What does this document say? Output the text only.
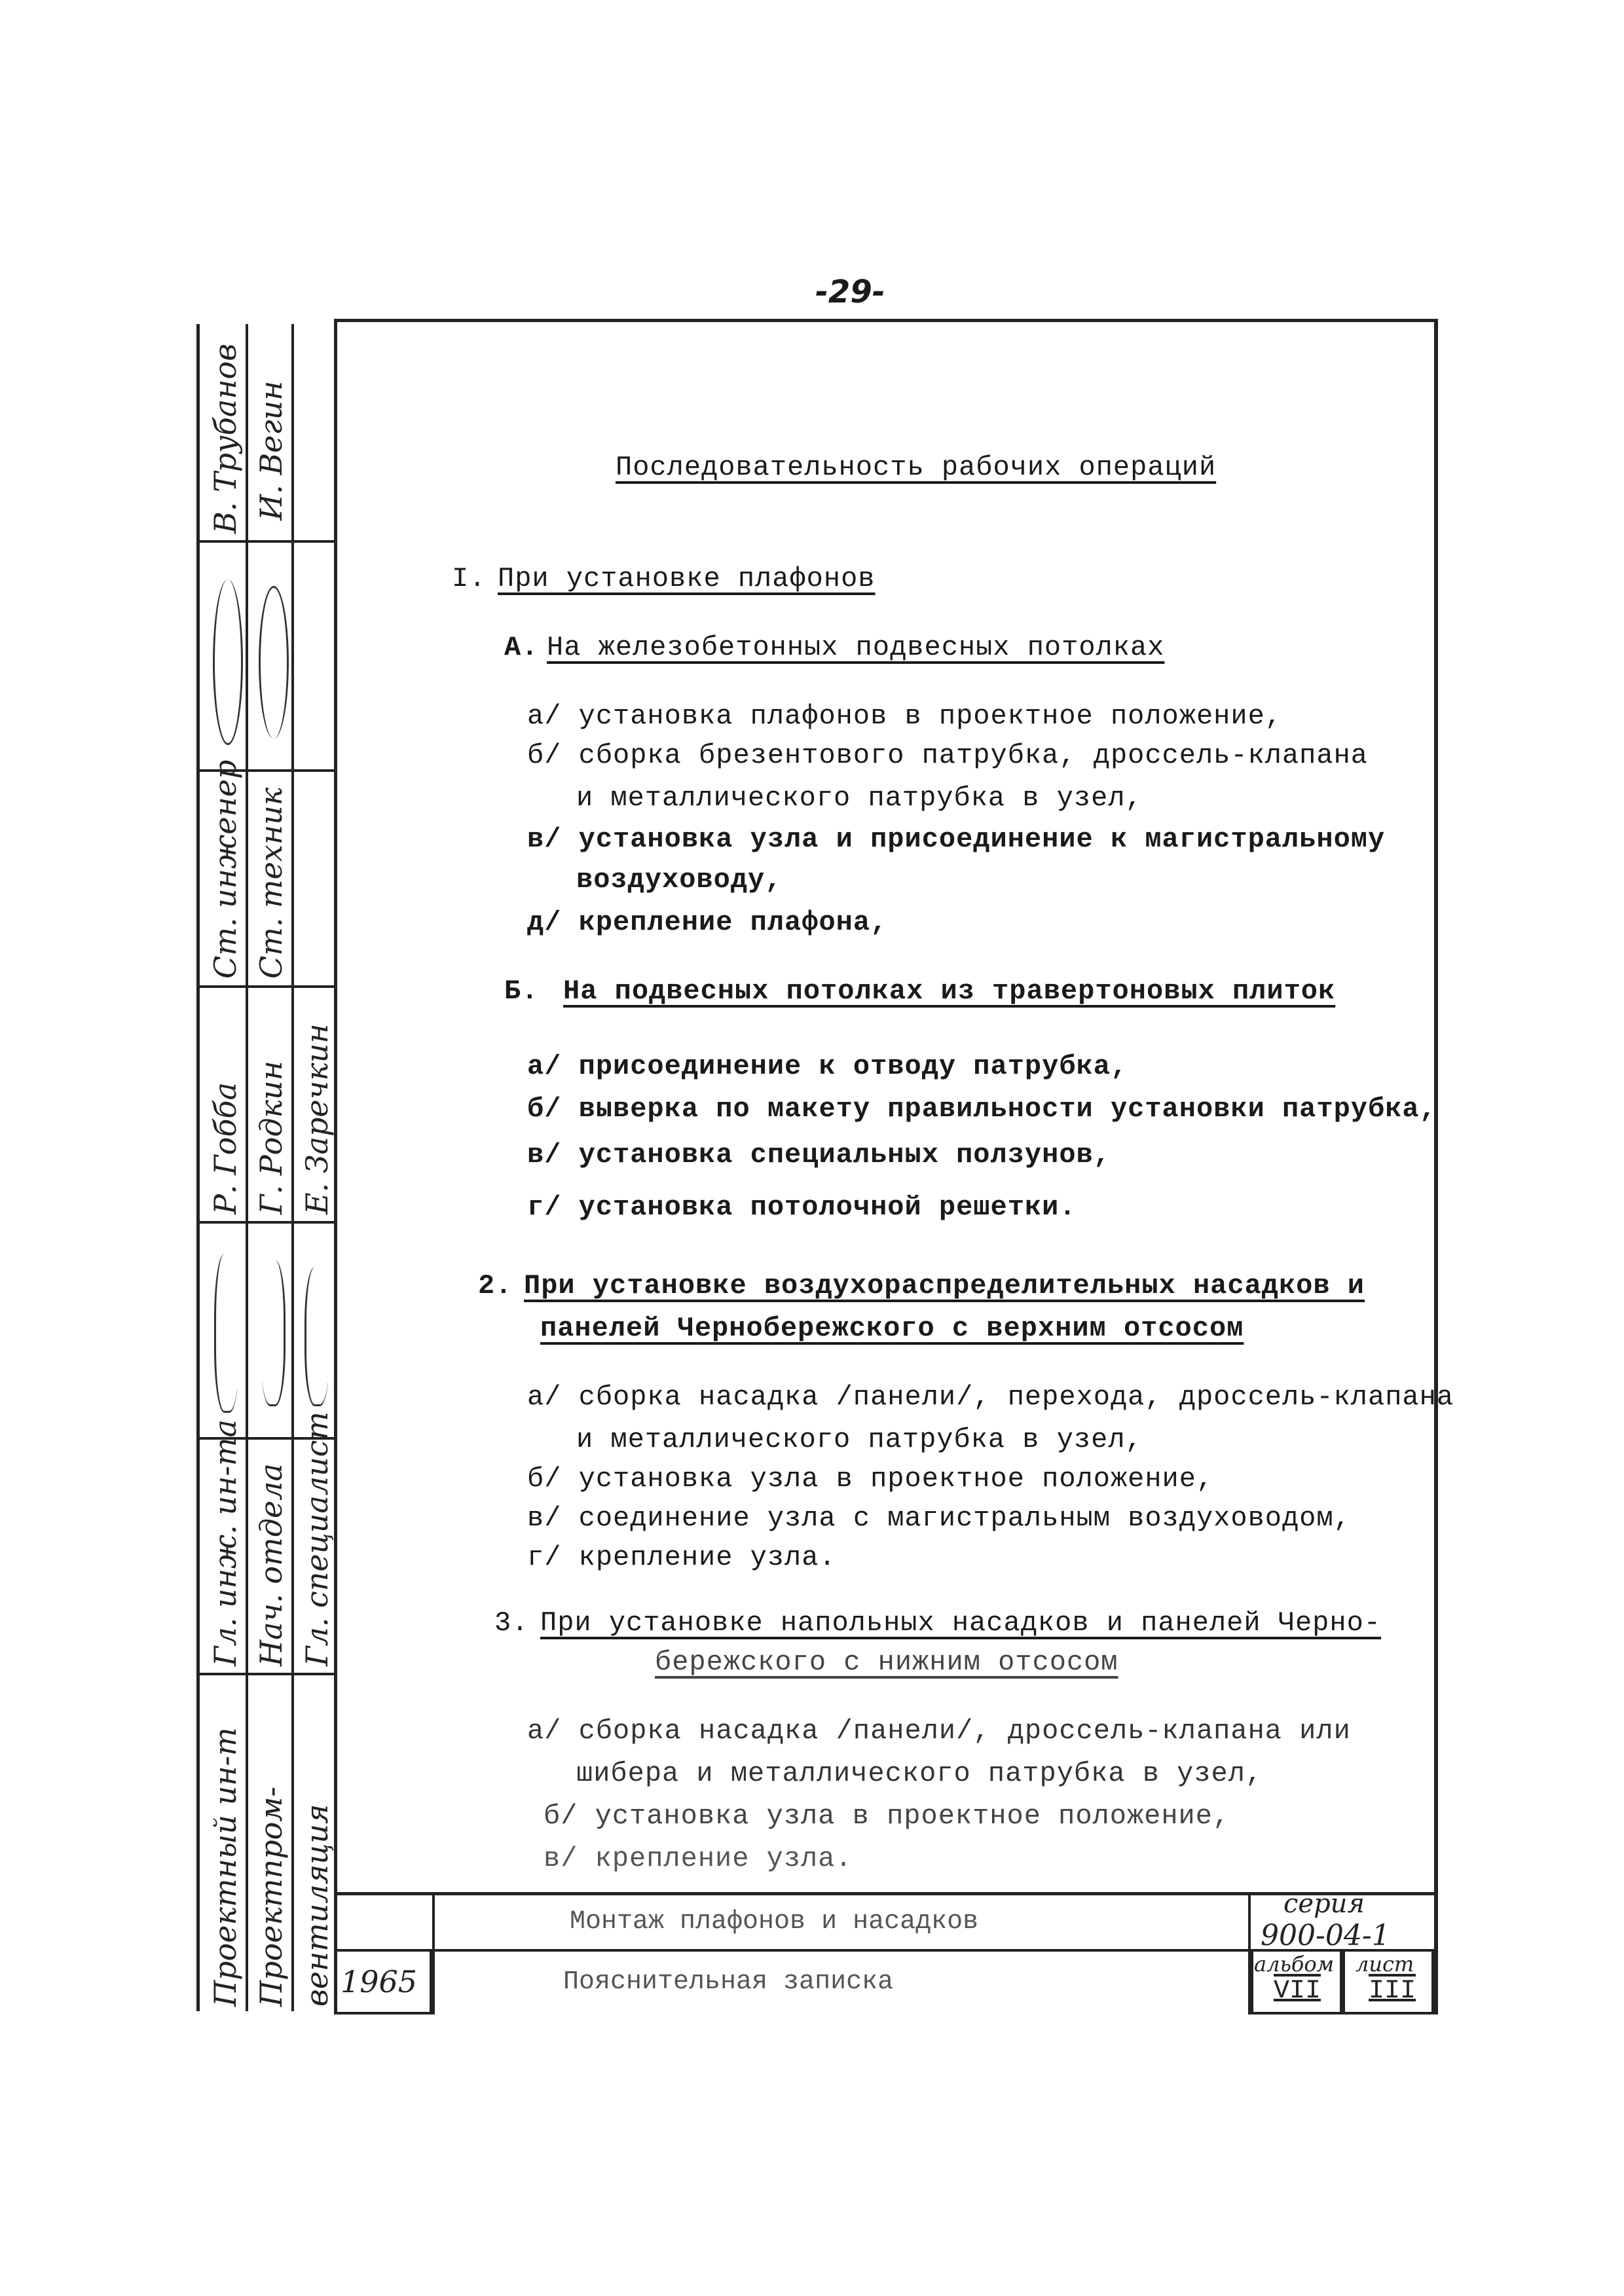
-29-
В. Трубанов И. Вегин
Ст. инженер Ст. техник
Р. Гобба Г. Родкин Е. Заречкин
Гл. инж. ин-та Нач. отдела Гл. специалист
Проектный ин-т Проектпром- вентиляция
Последовательность рабочих операций
I. При установке плафонов
А. На железобетонных подвесных потолках
а/ установка плафонов в проектное положение,
б/ сборка брезентового патрубка, дроссель-клапана
и металлического патрубка в узел,
в/ установка узла и присоединение к магистральному
воздуховоду,
д/ крепление плафона,
Б. На подвесных потолках из травертоновых плиток
а/ присоединение к отводу патрубка,
б/ выверка по макету правильности установки патрубка,
в/ установка специальных ползунов,
г/ установка потолочной решетки.
2. При установке воздухораспределительных насадков и
панелей Чернобережского с верхним отсосом
а/ сборка насадка /панели/, перехода, дроссель-клапана
и металлического патрубка в узел,
б/ установка узла в проектное положение,
в/ соединение узла с магистральным воздуховодом,
г/ крепление узла.
3. При установке напольных насадков и панелей Черно-
бережского с нижним отсосом
а/ сборка насадка /панели/, дроссель-клапана или
шибера и металлического патрубка в узел,
б/ установка узла в проектное положение,
в/ крепление узла.
1965
Монтаж плафонов и насадков
Пояснительная записка
серия
900-04-1
альбом
VII
лист
III
